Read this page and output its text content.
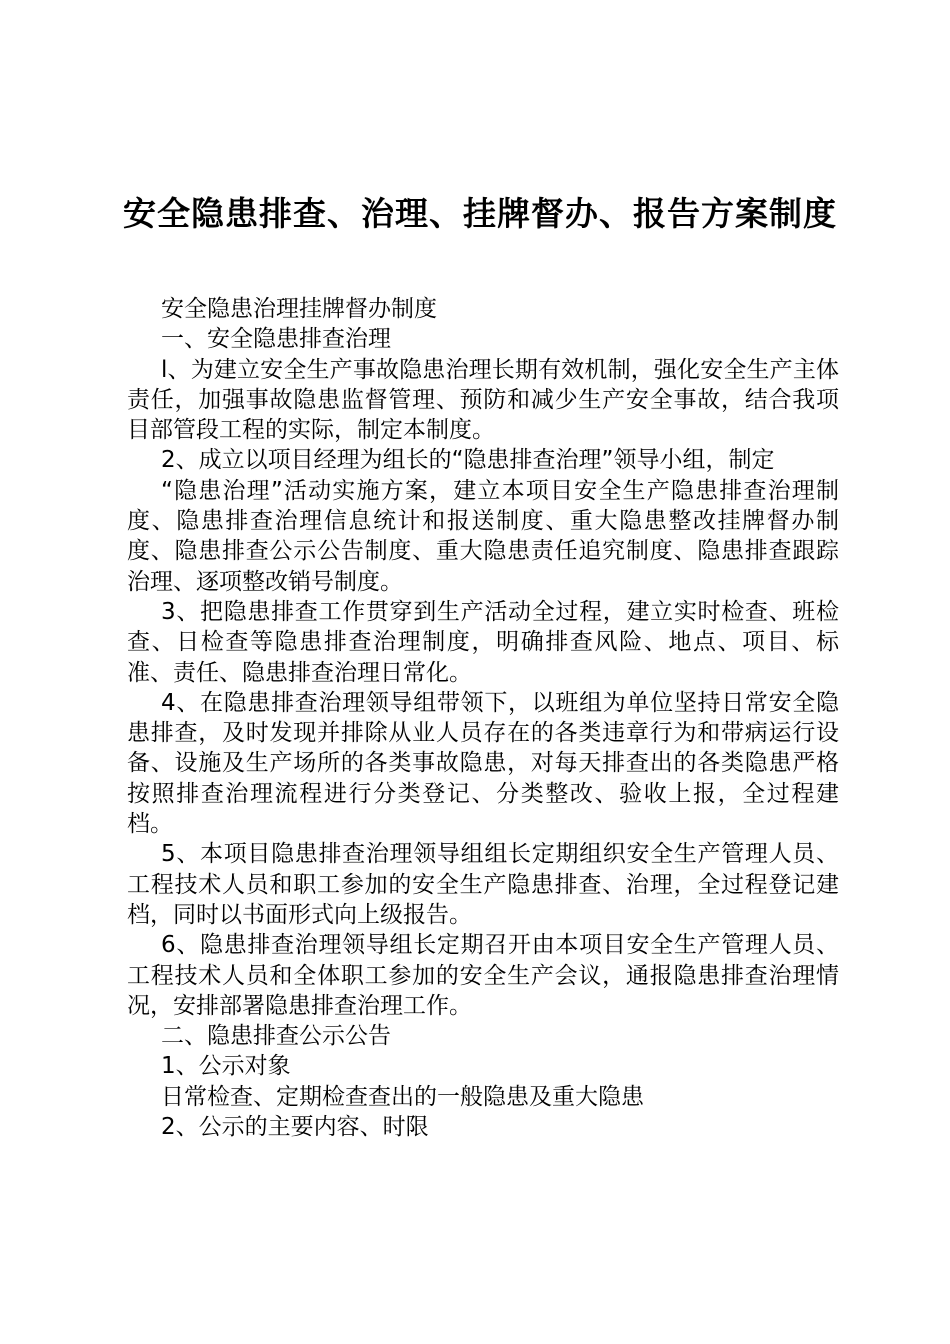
安全隐患排查、治理、挂牌督办、报告方案制度

安全隐患治理挂牌督办制度

一、安全隐患排查治理

l、为建立安全生产事故隐患治理长期有效机制，强化安全生产主体责任，加强事故隐患监督管理、预防和减少生产安全事故，结合我项目部管段工程的实际，制定本制度。

2、成立以项目经理为组长的“隐患排查治理”领导小组，制定

“隐患治理”活动实施方案，建立本项目安全生产隐患排查治理制度、隐患排查治理信息统计和报送制度、重大隐患整改挂牌督办制度、隐患排查公示公告制度、重大隐患责任追究制度、隐患排查跟踪治理、逐项整改销号制度。

3、把隐患排查工作贯穿到生产活动全过程，建立实时检查、班检查、日检查等隐患排查治理制度，明确排查风险、地点、项目、标准、责任、隐患排查治理日常化。

4、在隐患排查治理领导组带领下，以班组为单位坚持日常安全隐患排查，及时发现并排除从业人员存在的各类违章行为和带病运行设备、设施及生产场所的各类事故隐患，对每天排查出的各类隐患严格按照排查治理流程进行分类登记、分类整改、验收上报，全过程建档。

5、本项目隐患排查治理领导组组长定期组织安全生产管理人员、工程技术人员和职工参加的安全生产隐患排查、治理，全过程登记建档，同时以书面形式向上级报告。

6、隐患排查治理领导组长定期召开由本项目安全生产管理人员、工程技术人员和全体职工参加的安全生产会议，通报隐患排查治理情况，安排部署隐患排查治理工作。

二、隐患排查公示公告

1、公示对象

日常检查、定期检查查出的一般隐患及重大隐患

2、公示的主要内容、时限
